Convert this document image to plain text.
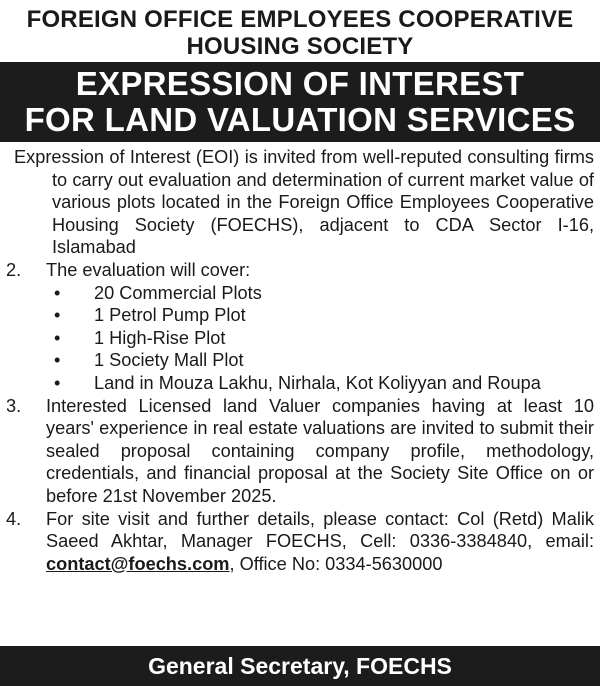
FOREIGN OFFICE EMPLOYEES COOPERATIVE
HOUSING SOCIETY
EXPRESSION OF INTEREST
FOR LAND VALUATION SERVICES

Expression of Interest (EOI) is invited from well-reputed consulting firms to carry out evaluation and determination of current market value of various plots located in the Foreign Office Employees Cooperative Housing Society (FOECHS), adjacent to CDA Sector I-16, Islamabad

2.	The evaluation will cover:
•	20 Commercial Plots
•	1 Petrol Pump Plot
•	1 High-Rise Plot
•	1 Society Mall Plot
•	Land in Mouza Lakhu, Nirhala, Kot Koliyyan and Roupa
3.	Interested Licensed land Valuer companies having at least 10 years' experience in real estate valuations are invited to submit their sealed proposal containing company profile, methodology, credentials, and financial proposal at the Society Site Office on or before 21st November 2025.
4.	For site visit and further details, please contact: Col (Retd) Malik Saeed Akhtar, Manager FOECHS, Cell: 0336-3384840, email: contact@foechs.com, Office No: 0334-5630000
General Secretary, FOECHS
